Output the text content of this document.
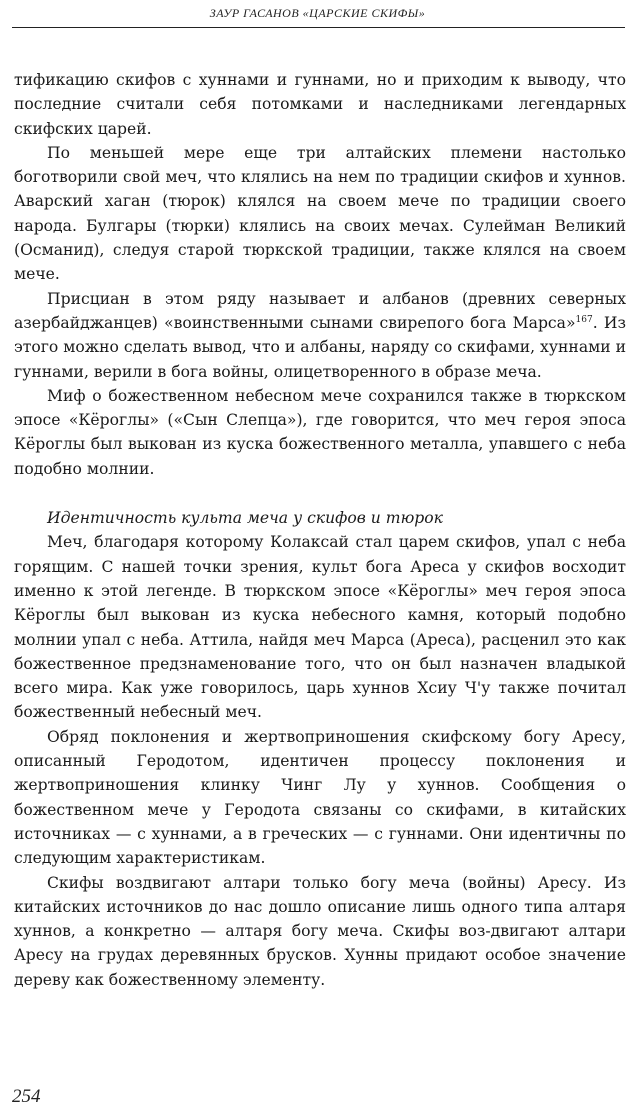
ЗАУР ГАСАНОВ «ЦАРСКИЕ СКИФЫ»

тификацию скифов с хуннами и гуннами, но и приходим к выводу, что последние считали себя потомками и наследниками легендарных скифских царей.

По меньшей мере еще три алтайских племени настолько боготворили свой меч, что клялись на нем по традиции скифов и хуннов. Аварский хаган (тюрок) клялся на своем мече по традиции своего народа. Булгары (тюрки) клялись на своих мечах. Сулейман Великий (Османид), следуя старой тюркской традиции, также клялся на своем мече.

Присциан в этом ряду называет и албанов (древних северных азербайджанцев) «воинственными сынами свирепого бога Марса»$^{167}$. Из этого можно сделать вывод, что и албаны, наряду со скифами, хуннами и гуннами, верили в бога войны, олицетворенного в образе меча.

Миф о божественном небесном мече сохранился также в тюркском эпосе «Кёроглы» («Сын Слепца»), где говорится, что меч героя эпоса Кёроглы был выкован из куска божественного металла, упавшего с неба подобно молнии.

Идентичность культа меча у скифов и тюрок

Меч, благодаря которому Колаксай стал царем скифов, упал с неба горящим. С нашей точки зрения, культ бога Ареса у скифов восходит именно к этой легенде. В тюркском эпосе «Кёроглы» меч героя эпоса Кёроглы был выкован из куска небесного камня, который подобно молнии упал с неба. Аттила, найдя меч Марса (Ареса), расценил это как божественное предзнаменование того, что он был назначен владыкой всего мира. Как уже говорилось, царь хуннов Хсиу Ч'у также почитал божественный небесный меч.

Обряд поклонения и жертвоприношения скифскому богу Аресу, описанный Геродотом, идентичен процессу поклонения и жертвоприношения клинку Чинг Лу у хуннов. Сообщения о божественном мече у Геродота связаны со скифами, в китайских источниках — с хуннами, а в греческих — с гуннами. Они идентичны по следующим характеристикам.

Скифы воздвигают алтари только богу меча (войны) Аресу. Из китайских источников до нас дошло описание лишь одного типа алтаря хуннов, а конкретно — алтаря богу меча. Скифы воз-двигают алтари Аресу на грудах деревянных брусков. Хунны придают особое значение дереву как божественному элементу.

254
